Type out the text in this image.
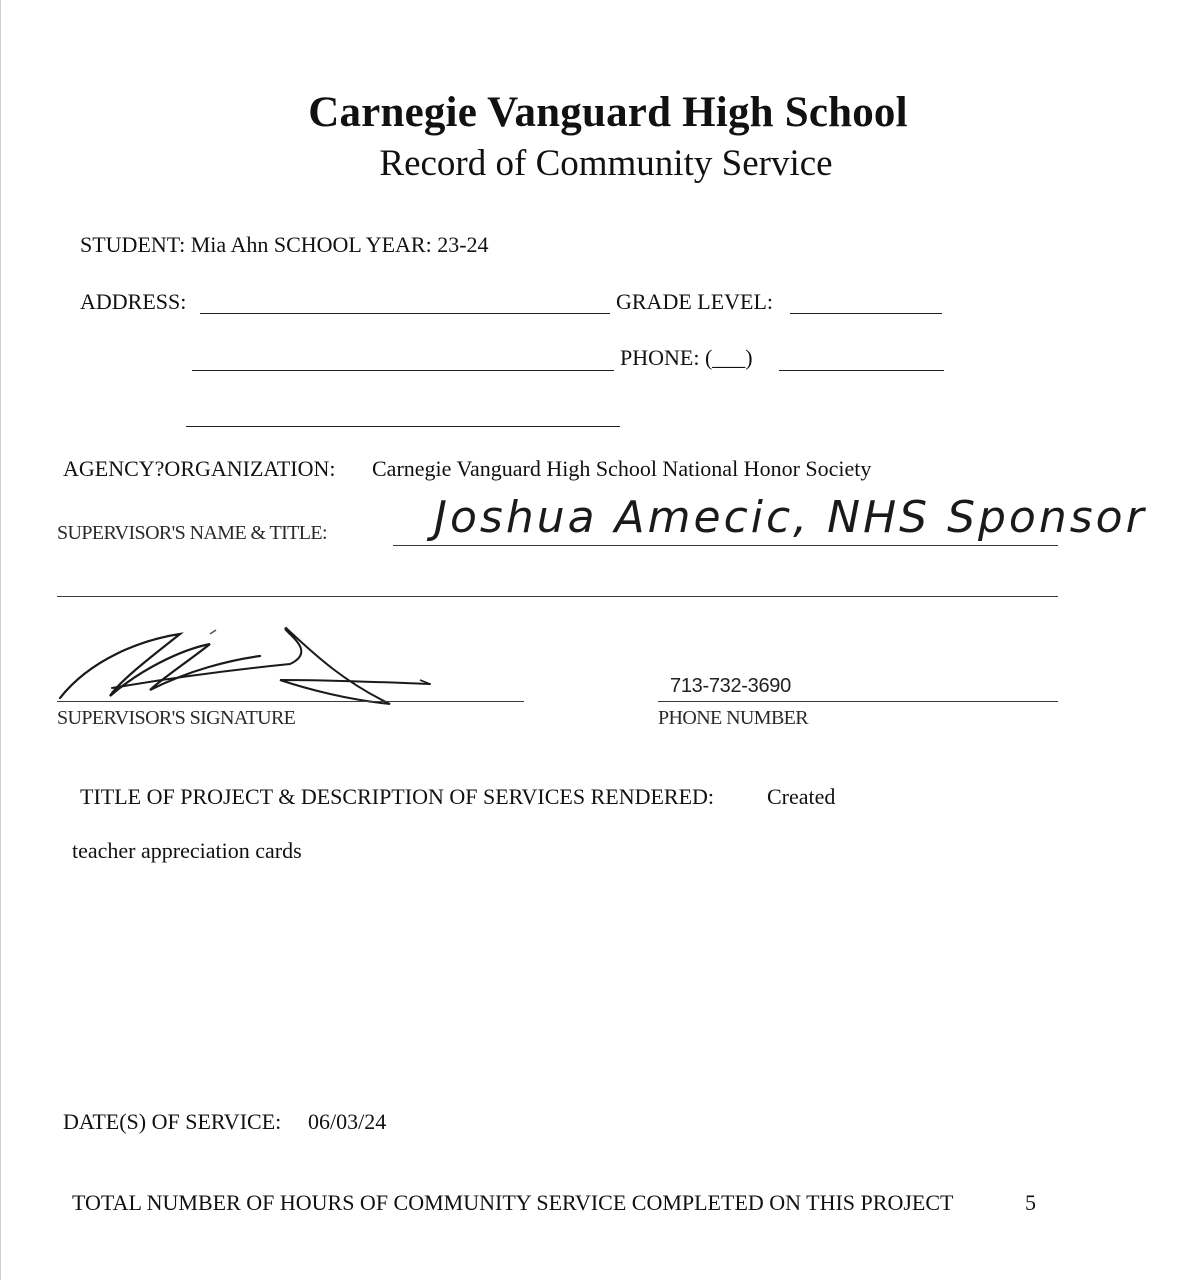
Carnegie Vanguard High School
Record of Community Service
STUDENT: Mia Ahn SCHOOL YEAR: 23-24
ADDRESS:	GRADE LEVEL:
PHONE: (___)
AGENCY?ORGANIZATION: Carnegie Vanguard High School National Honor Society
SUPERVISOR'S NAME & TITLE: Joshua Amecic, NHS Sponsor
SUPERVISOR'S SIGNATURE
713-732-3690
PHONE NUMBER
TITLE OF PROJECT & DESCRIPTION OF SERVICES RENDERED: Created
teacher appreciation cards
DATE(S) OF SERVICE: 06/03/24
TOTAL NUMBER OF HOURS OF COMMUNITY SERVICE COMPLETED ON THIS PROJECT	5
